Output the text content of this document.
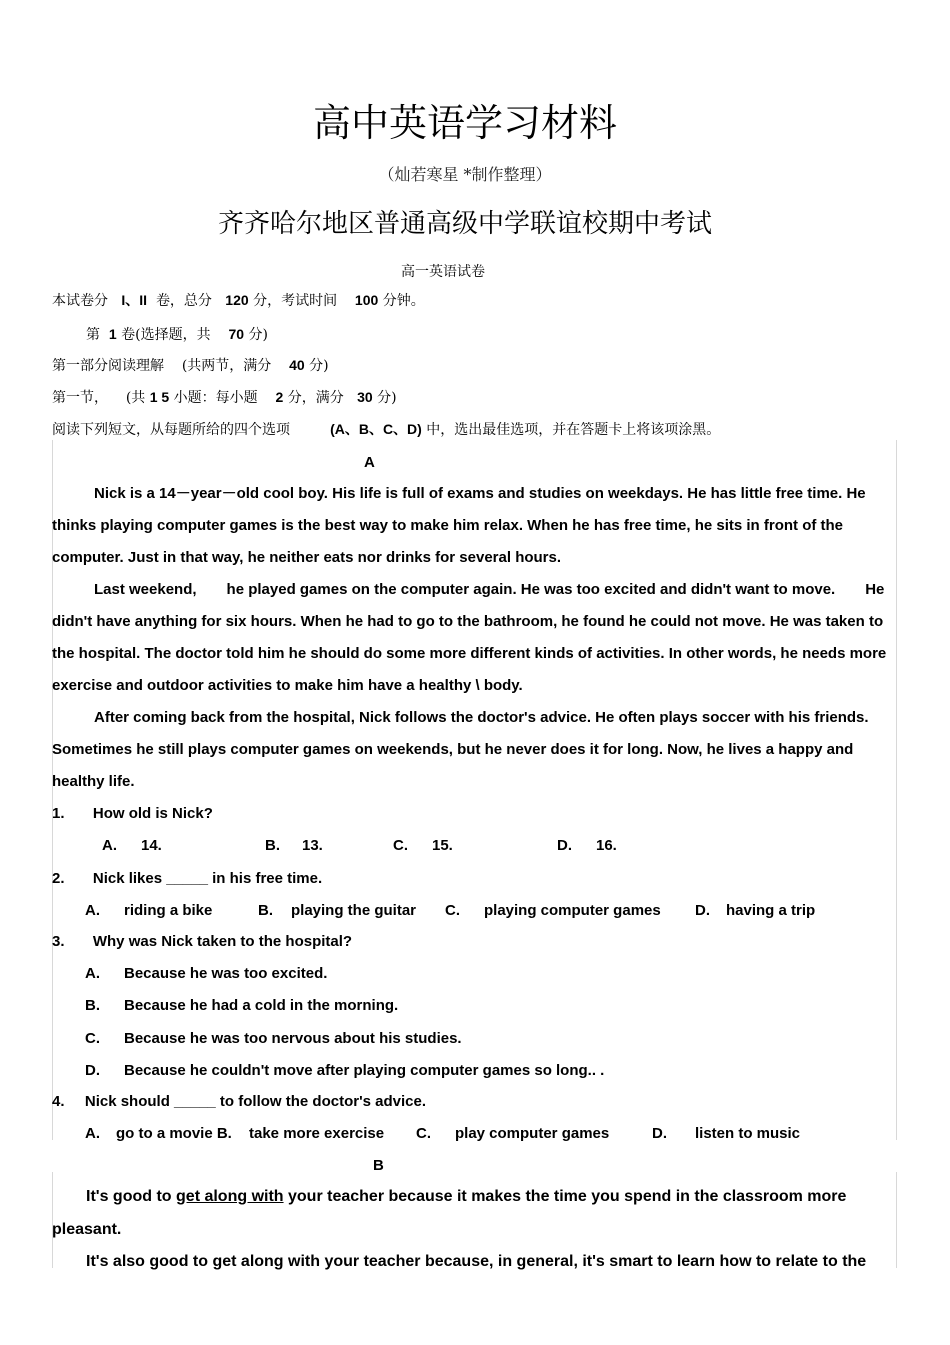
高中英语学习材料
（灿若寒星 *制作整理）
齐齐哈尔地区普通高级中学联谊校期中考试
高一英语试卷
本试卷分 I、II 卷，总分 120 分，考试时间 100 分钟。
第 1 卷(选择题，共 70 分)
第一部分阅读理解 (共两节，满分 40 分)
第一节， (共 1 5 小题：每小题 2 分，满分 30 分)
阅读下列短文，从每题所给的四个选项	(A、B、C、D) 中，选出最佳选项，并在答题卡上将该项涂黑。
A
Nick is a 14－year－old cool boy. His life is full of exams and studies on weekdays. He has little free time. He thinks playing computer games is the best way to make him relax. When he has free time, he sits in front of the computer. Just in that way, he neither eats nor drinks for several hours.
Last weekend,　　he played games on the computer again. He was too excited and didn't want to move.　　He didn't have anything for six hours. When he had to go to the bathroom, he found he could not move. He was taken to the hospital. The doctor told him he should do some more different kinds of activities. In other words, he needs more exercise and outdoor activities to make him have a healthy \ body.
After coming back from the hospital, Nick follows the doctor's advice. He often plays soccer with his friends. Sometimes he still plays computer games on weekends, but he never does it for long. Now, he lives a happy and healthy life.
1. How old is Nick?
A. 14.	B. 13.	C. 15.	D. 16.
2. Nick likes _____ in his free time.
A. riding a bike	B. playing the guitar C. playing computer games D. having a trip
3. Why was Nick taken to the hospital?
A. Because he was too excited.
B. Because he had a cold in the morning.
C. Because he was too nervous about his studies.
D. Because he couldn't move after playing computer games so long.. .
4. Nick should _____ to follow the doctor's advice.
A. go to a movie B. take more exercise C. play computer games	D. listen to music
B
It's good to get along with your teacher because it makes the time you spend in the classroom more pleasant.
It's also good to get along with your teacher because, in general, it's smart to learn how to relate to the
